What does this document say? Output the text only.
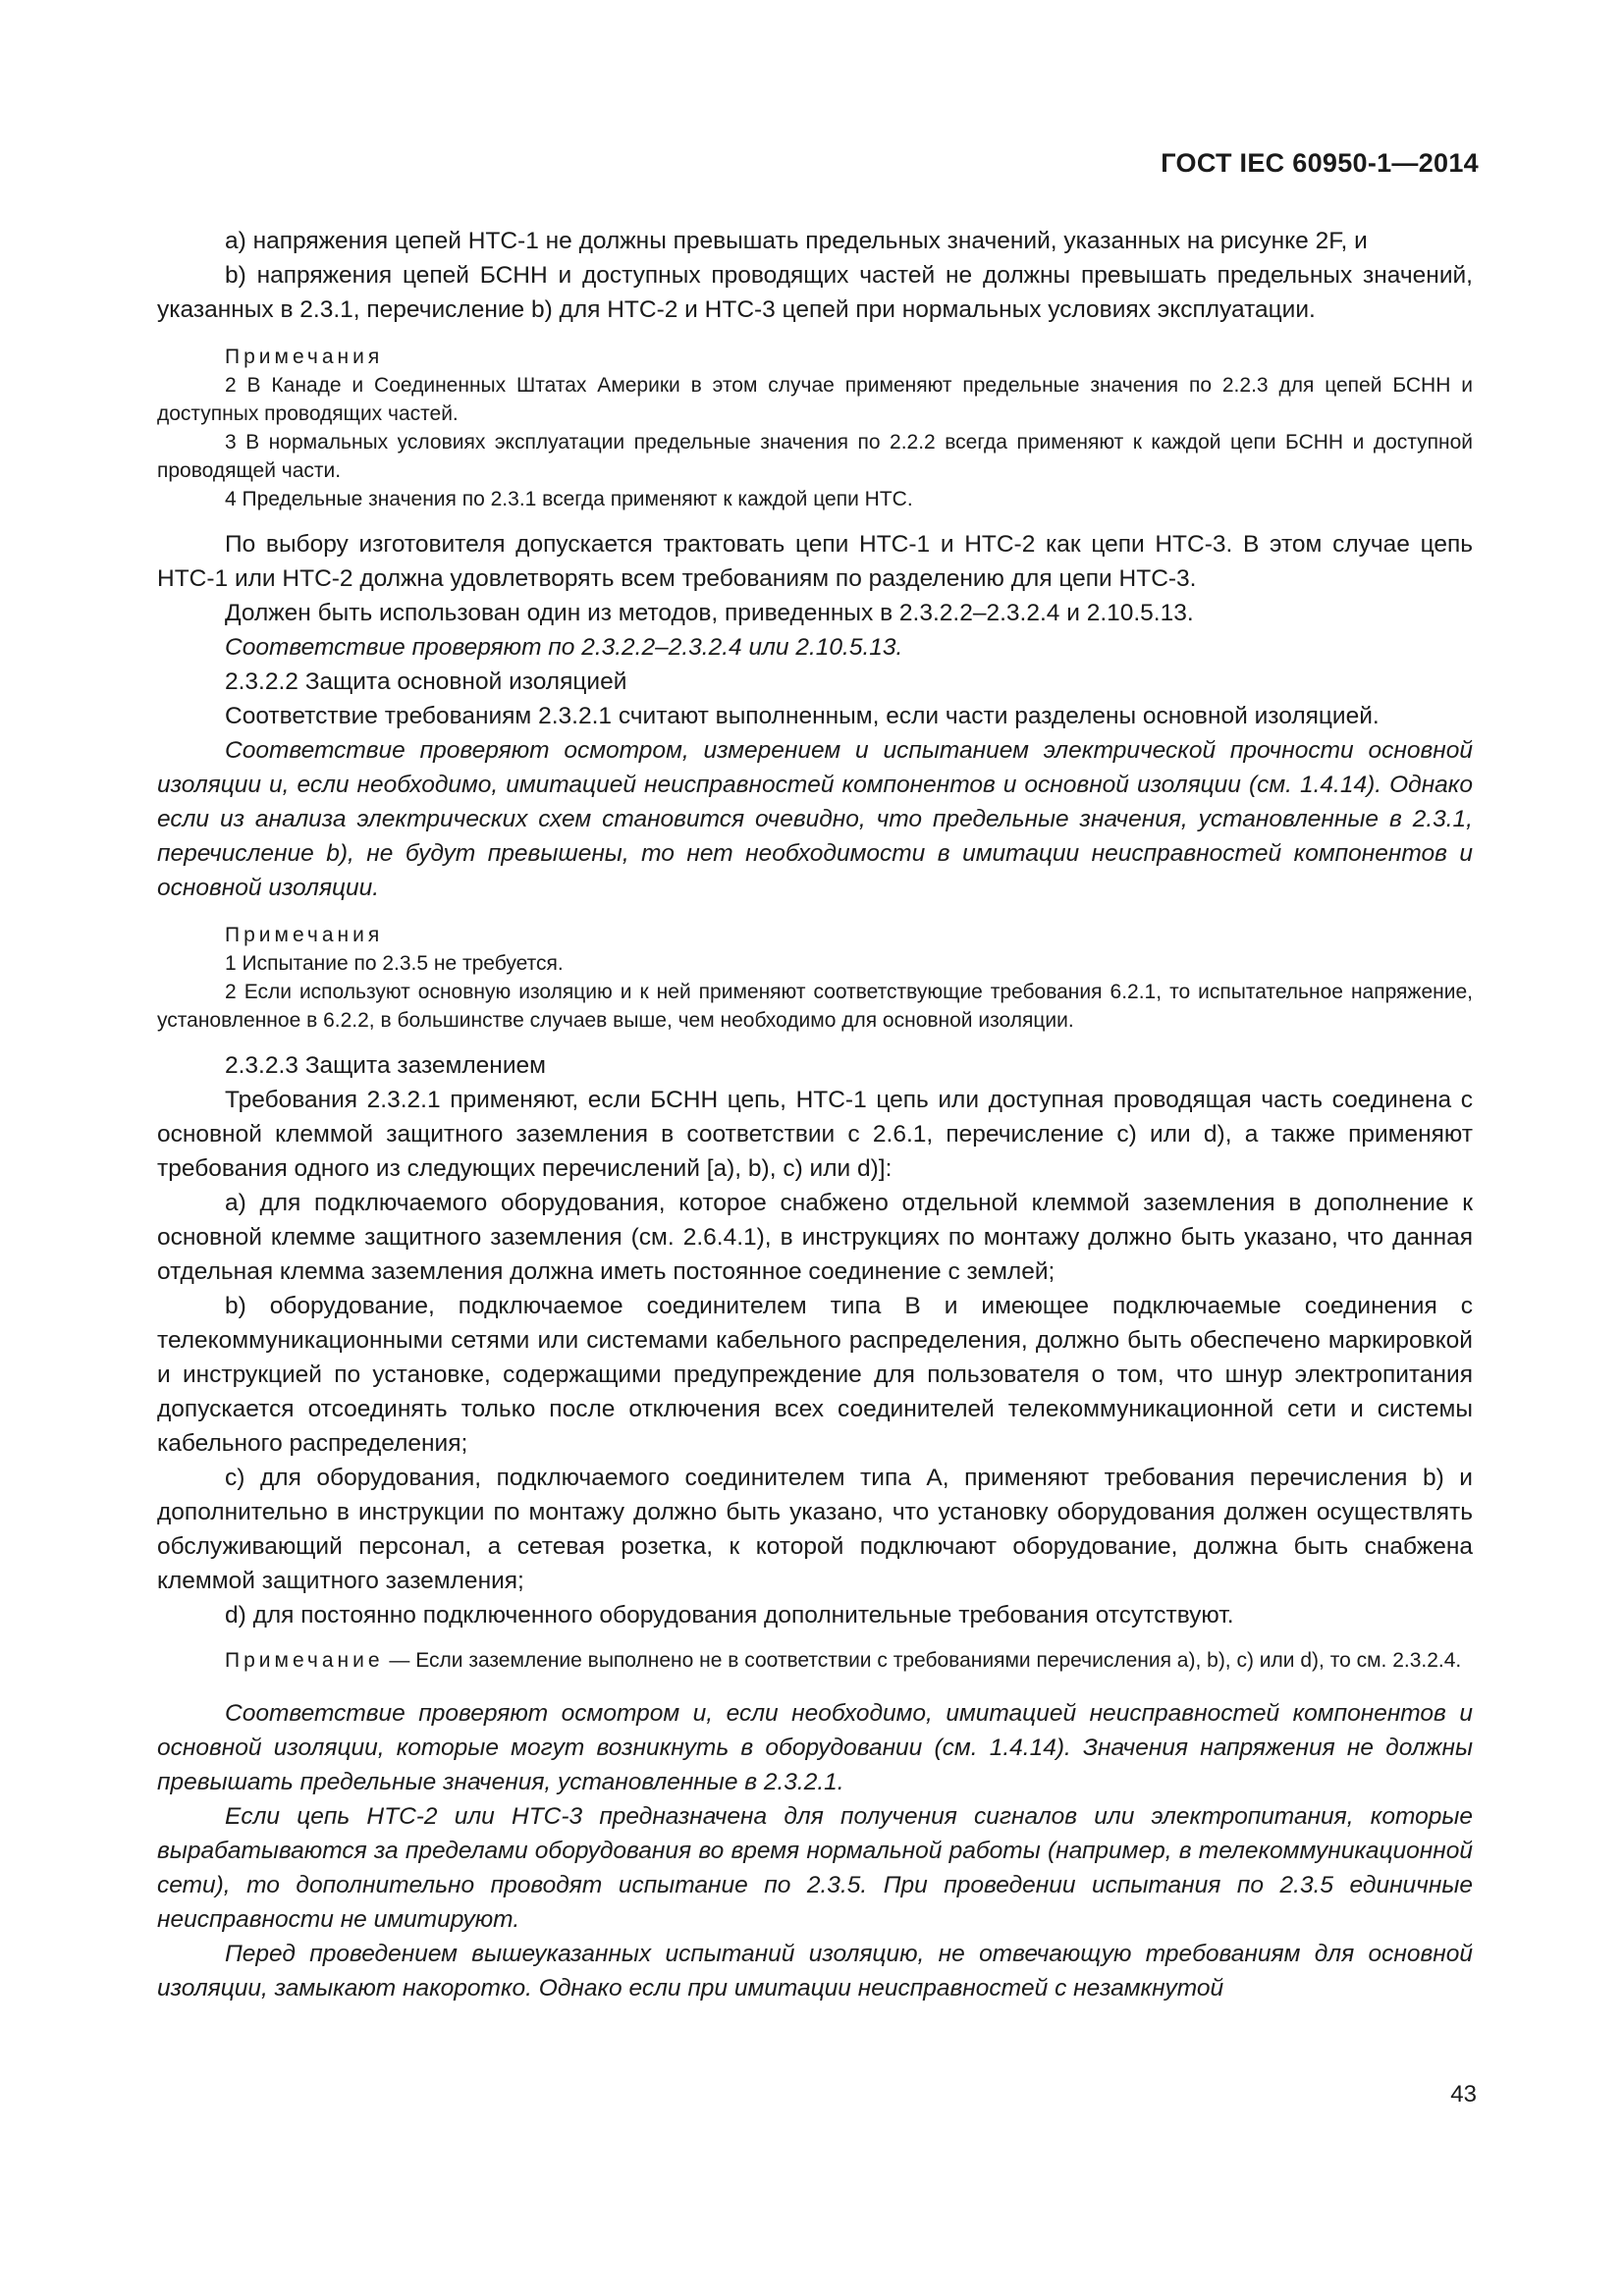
ГОСТ IEC 60950-1—2014

а) напряжения цепей НТС-1 не должны превышать предельных значений, указанных на рисунке 2F, и

b) напряжения цепей БСНН и доступных проводящих частей не должны превышать предельных значений, указанных в 2.3.1, перечисление b) для НТС-2 и НТС-3 цепей при нормальных условиях эксплуатации.

Примечания

2 В Канаде и Соединенных Штатах Америки в этом случае применяют предельные значения по 2.2.3 для цепей БСНН и доступных проводящих частей.

3 В нормальных условиях эксплуатации предельные значения по 2.2.2 всегда применяют к каждой цепи БСНН и доступной проводящей части.

4 Предельные значения по 2.3.1 всегда применяют к каждой цепи НТС.

По выбору изготовителя допускается трактовать цепи НТС-1 и НТС-2 как цепи НТС-3. В этом случае цепь НТС-1 или НТС-2 должна удовлетворять всем требованиям по разделению для цепи НТС-3.

Должен быть использован один из методов, приведенных в 2.3.2.2–2.3.2.4 и 2.10.5.13.

Соответствие проверяют по 2.3.2.2–2.3.2.4 или 2.10.5.13.

2.3.2.2 Защита основной изоляцией

Соответствие требованиям 2.3.2.1 считают выполненным, если части разделены основной изоляцией.

Соответствие проверяют осмотром, измерением и испытанием электрической прочности основной изоляции и, если необходимо, имитацией неисправностей компонентов и основной изоляции (см. 1.4.14). Однако если из анализа электрических схем становится очевидно, что предельные значения, установленные в 2.3.1, перечисление b), не будут превышены, то нет необходимости в имитации неисправностей компонентов и основной изоляции.

Примечания

1 Испытание по 2.3.5 не требуется.

2 Если используют основную изоляцию и к ней применяют соответствующие требования 6.2.1, то испытательное напряжение, установленное в 6.2.2, в большинстве случаев выше, чем необходимо для основной изоляции.

2.3.2.3 Защита заземлением

Требования 2.3.2.1 применяют, если БСНН цепь, НТС-1 цепь или доступная проводящая часть соединена с основной клеммой защитного заземления в соответствии с 2.6.1, перечисление с) или d), а также применяют требования одного из следующих перечислений [a), b), c) или d)]:

а) для подключаемого оборудования, которое снабжено отдельной клеммой заземления в дополнение к основной клемме защитного заземления (см. 2.6.4.1), в инструкциях по монтажу должно быть указано, что данная отдельная клемма заземления должна иметь постоянное соединение с землей;

b) оборудование, подключаемое соединителем типа В и имеющее подключаемые соединения с телекоммуникационными сетями или системами кабельного распределения, должно быть обеспечено маркировкой и инструкцией по установке, содержащими предупреждение для пользователя о том, что шнур электропитания допускается отсоединять только после отключения всех соединителей телекоммуникационной сети и системы кабельного распределения;

с) для оборудования, подключаемого соединителем типа А, применяют требования перечисления b) и дополнительно в инструкции по монтажу должно быть указано, что установку оборудования должен осуществлять обслуживающий персонал, а сетевая розетка, к которой подключают оборудование, должна быть снабжена клеммой защитного заземления;

d) для постоянно подключенного оборудования дополнительные требования отсутствуют.

Примечание — Если заземление выполнено не в соответствии с требованиями перечисления a), b), c) или d), то см. 2.3.2.4.

Соответствие проверяют осмотром и, если необходимо, имитацией неисправностей компонентов и основной изоляции, которые могут возникнуть в оборудовании (см. 1.4.14). Значения напряжения не должны превышать предельные значения, установленные в 2.3.2.1.

Если цепь НТС-2 или НТС-3 предназначена для получения сигналов или электропитания, которые вырабатываются за пределами оборудования во время нормальной работы (например, в телекоммуникационной сети), то дополнительно проводят испытание по 2.3.5. При проведении испытания по 2.3.5 единичные неисправности не имитируют.

Перед проведением вышеуказанных испытаний изоляцию, не отвечающую требованиям для основной изоляции, замыкают накоротко. Однако если при имитации неисправностей с незамкнутой

43
